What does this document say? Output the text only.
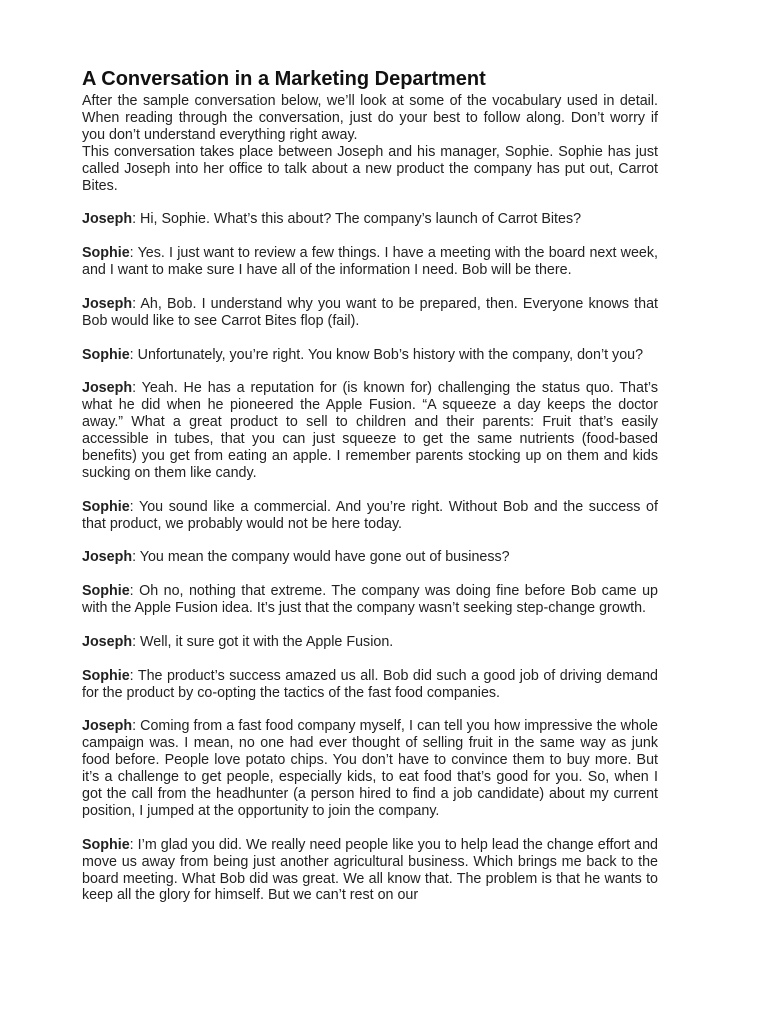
A Conversation in a Marketing Department

After the sample conversation below, we’ll look at some of the vocabulary used in detail. When reading through the conversation, just do your best to follow along. Don’t worry if you don’t understand everything right away.

This conversation takes place between Joseph and his manager, Sophie. Sophie has just called Joseph into her office to talk about a new product the company has put out, Carrot Bites.

Joseph: Hi, Sophie. What’s this about? The company’s launch of Carrot Bites?

Sophie: Yes. I just want to review a few things. I have a meeting with the board next week, and I want to make sure I have all of the information I need. Bob will be there.

Joseph: Ah, Bob. I understand why you want to be prepared, then. Everyone knows that Bob would like to see Carrot Bites flop (fail).

Sophie: Unfortunately, you’re right. You know Bob’s history with the company, don’t you?

Joseph: Yeah. He has a reputation for (is known for) challenging the status quo. That’s what he did when he pioneered the Apple Fusion. “A squeeze a day keeps the doctor away.” What a great product to sell to children and their parents: Fruit that’s easily accessible in tubes, that you can just squeeze to get the same nutrients (food-based benefits) you get from eating an apple. I remember parents stocking up on them and kids sucking on them like candy.

Sophie: You sound like a commercial. And you’re right. Without Bob and the success of that product, we probably would not be here today.

Joseph: You mean the company would have gone out of business?

Sophie: Oh no, nothing that extreme. The company was doing fine before Bob came up with the Apple Fusion idea. It’s just that the company wasn’t seeking step-change growth.

Joseph: Well, it sure got it with the Apple Fusion.

Sophie: The product’s success amazed us all. Bob did such a good job of driving demand for the product by co-opting the tactics of the fast food companies.

Joseph: Coming from a fast food company myself, I can tell you how impressive the whole campaign was. I mean, no one had ever thought of selling fruit in the same way as junk food before. People love potato chips. You don’t have to convince them to buy more. But it’s a challenge to get people, especially kids, to eat food that’s good for you. So, when I got the call from the headhunter (a person hired to find a job candidate) about my current position, I jumped at the opportunity to join the company.

Sophie: I’m glad you did. We really need people like you to help lead the change effort and move us away from being just another agricultural business. Which brings me back to the board meeting. What Bob did was great. We all know that. The problem is that he wants to keep all the glory for himself. But we can’t rest on our
